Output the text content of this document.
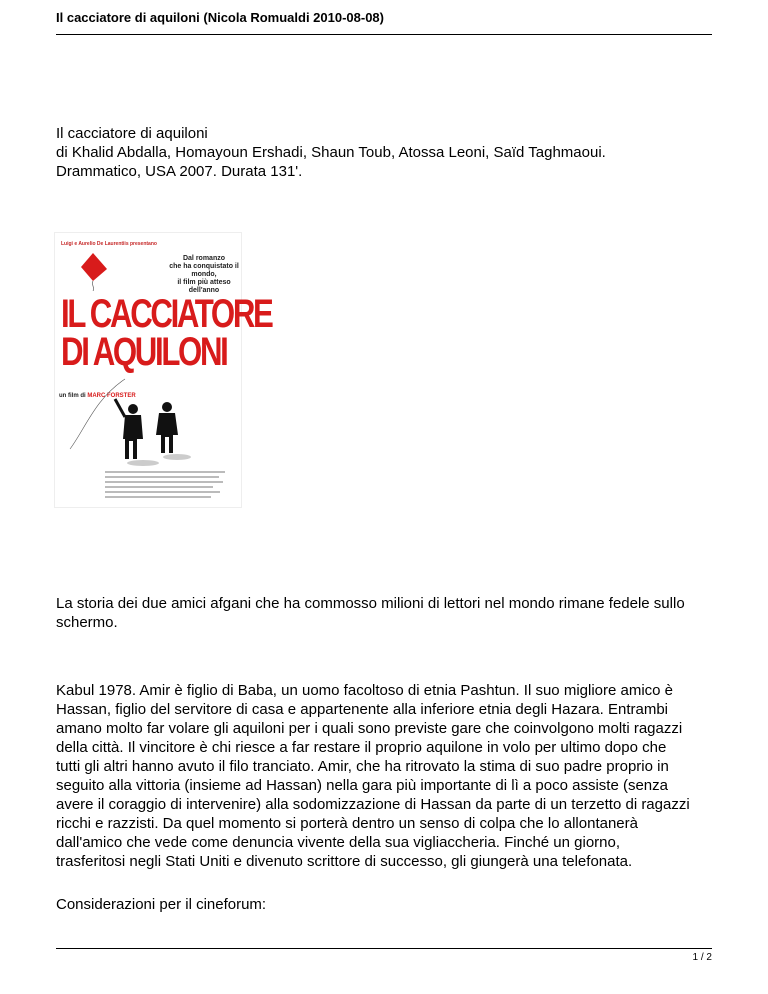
Il cacciatore di aquiloni (Nicola Romualdi 2010-08-08)
Il cacciatore di aquiloni
di Khalid Abdalla, Homayoun Ershadi, Shaun Toub, Atossa Leoni, Saïd Taghmaoui.
Drammatico, USA 2007. Durata 131'.
Luigi e Aurelio De Laurentiis presentano
Dal romanzo
che ha conquistato il mondo,
il film più atteso dell'anno
IL CACCIATORE
DI AQUILONI
un film di MARC FORSTER
La storia dei due amici afgani che ha commosso milioni di lettori nel mondo rimane fedele sullo
schermo.
Kabul 1978. Amir è figlio di Baba, un uomo facoltoso di etnia Pashtun. Il suo migliore amico è
Hassan, figlio del servitore di casa e appartenente alla inferiore etnia degli Hazara. Entrambi
amano molto far volare gli aquiloni per i quali sono previste gare che coinvolgono molti ragazzi
della città. Il vincitore è chi riesce a far restare il proprio aquilone in volo per ultimo dopo che
tutti gli altri hanno avuto il filo tranciato. Amir, che ha ritrovato la stima di suo padre proprio in
seguito alla vittoria (insieme ad Hassan) nella gara più importante di lì a poco assiste (senza
avere il coraggio di intervenire) alla sodomizzazione di Hassan da parte di un terzetto di ragazzi
ricchi e razzisti. Da quel momento si porterà dentro un senso di colpa che lo allontanerà
dall'amico che vede come denuncia vivente della sua vigliaccheria. Finché un giorno,
trasferitosi negli Stati Uniti e divenuto scrittore di successo, gli giungerà una telefonata.
Considerazioni per il cineforum:
1 / 2
